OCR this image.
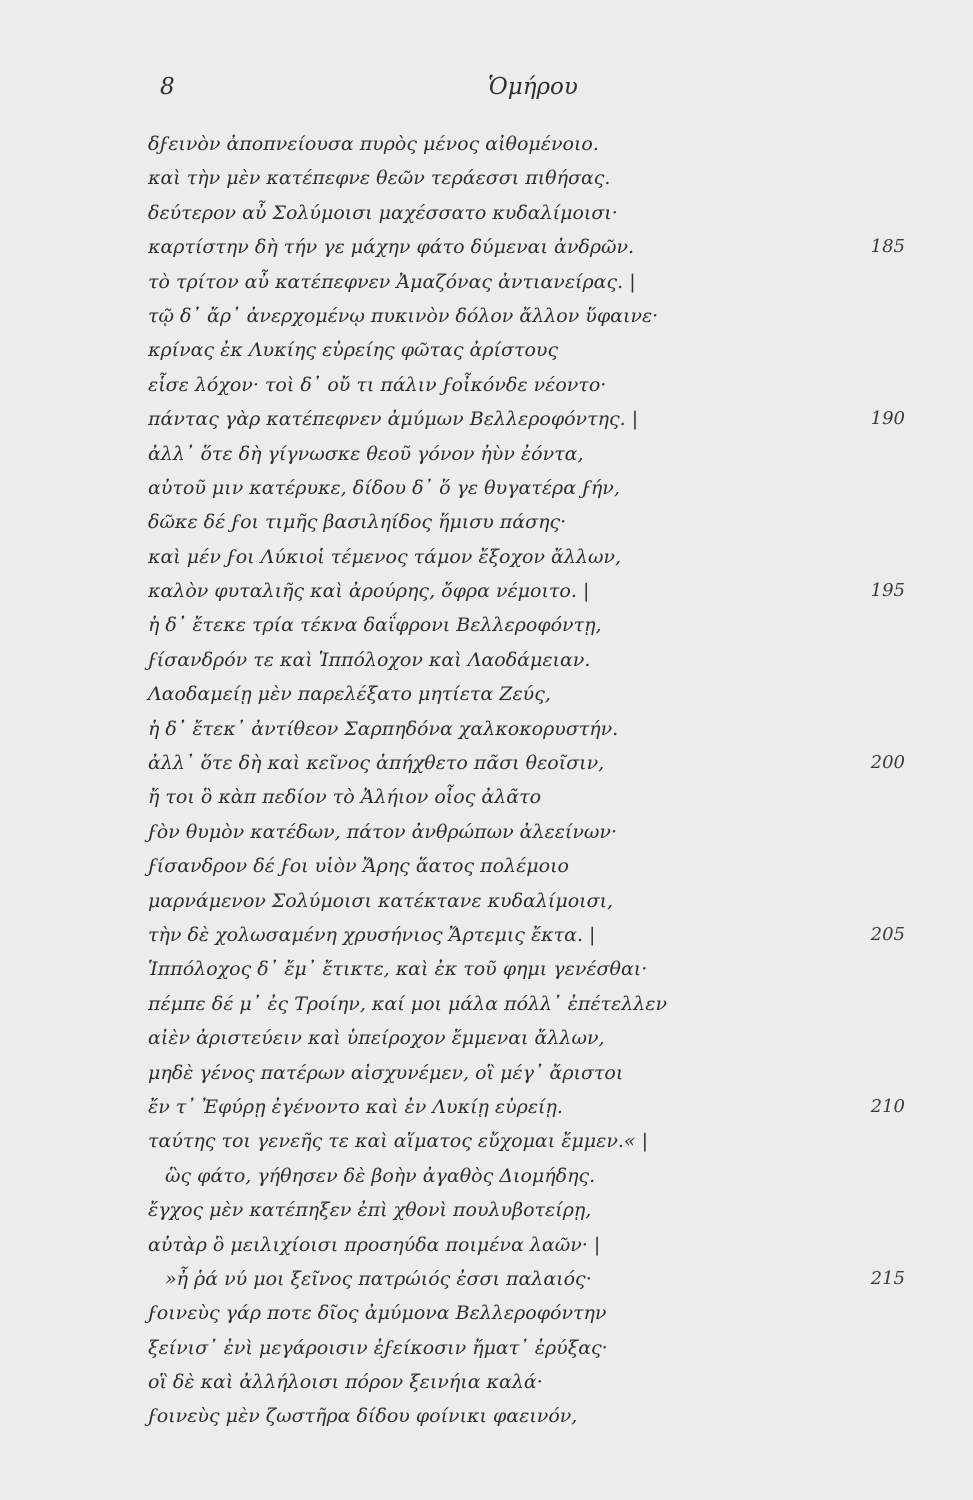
8	Ὁμήρου
δϝεινὸν ἀποπνείουσα πυρὸς μένος αἰθομένοιο.
καὶ τὴν μὲν κατέπεφνε θεῶν τεράεσσι πιθήσας.
δεύτερον αὖ Σολύμοισι μαχέσσατο κυδαλίμοισι·
καρτίστην δὴ τήν γε μάχην φάτο δύμεναι ἀνδρῶν.	185
τὸ τρίτον αὖ κατέπεφνεν Ἀμαζόνας ἀντιανείρας. |
τῷ δ᾿ ἄρ᾿ ἀνερχομένῳ πυκινὸν δόλον ἄλλον ὕφαινε·
κρίνας ἐκ Λυκίης εὐρείης φῶτας ἀρίστους
εἷσε λόχον· τοὶ δ᾿ οὔ τι πάλιν ϝοἶκόνδε νέοντο·
πάντας γὰρ κατέπεφνεν ἀμύμων Βελλεροφόντης. |	190
ἀλλ᾿ ὅτε δὴ γίγνωσκε θεοῦ γόνον ἠὺν ἐόντα,
αὐτοῦ μιν κατέρυκε, δίδου δ᾿ ὅ γε θυγατέρα ϝήν,
δῶκε δέ ϝοι τιμῆς βασιληίδος ἥμισυ πάσης·
καὶ μέν ϝοι Λύκιοἱ τέμενος τάμον ἔξοχον ἄλλων,
καλὸν φυταλιῆς καὶ ἀρούρης, ὄφρα νέμοιτο. |	195
ἡ δ᾿ ἔτεκε τρία τέκνα δαΐφρονι Βελλεροφόντῃ,
ϝίσανδρόν τε καὶ Ἱππόλοχον καὶ Λαοδάμειαν.
Λαοδαμείῃ μὲν παρελέξατο μητίετα Ζεύς,
ἡ δ᾿ ἔτεκ᾿ ἀντίθεον Σαρπηδόνα χαλκοκορυστήν.
ἀλλ᾿ ὅτε δὴ καὶ κεῖνος ἀπήχθετο πᾶσι θεοῖσιν,	200
ἤ τοι ὃ κὰπ πεδίον τὸ Ἀλήιον οἶος ἀλᾶτο
ϝὸν θυμὸν κατέδων, πάτον ἀνθρώπων ἀλεείνων·
ϝίσανδρον δέ ϝοι υἱὸν Ἄρης ἅατος πολέμοιο
μαρνάμενον Σολύμοισι κατέκτανε κυδαλίμοισι,
τὴν δὲ χολωσαμένη χρυσήνιος Ἄρτεμις ἔκτα. |	205
Ἱππόλοχος δ᾿ ἔμ᾿ ἔτικτε, καὶ ἐκ τοῦ φημι γενέσθαι·
πέμπε δέ μ᾿ ἐς Τροίην, καί μοι μάλα πόλλ᾿ ἐπέτελλεν
αἰὲν ἀριστεύειν καὶ ὑπείροχον ἔμμεναι ἄλλων,
μηδὲ γένος πατέρων αἰσχυνέμεν, οἳ μέγ᾿ ἄριστοι
ἔν τ᾿ Ἐφύρῃ ἐγένοντο καὶ ἐν Λυκίῃ εὐρείῃ.	210
ταύτης τοι γενεῆς τε καὶ αἵματος εὔχομαι ἔμμεν.« |
ὣς φάτο, γήθησεν δὲ βοὴν ἀγαθὸς Διομήδης.
ἔγχος μὲν κατέπηξεν ἐπὶ χθονὶ πουλυβοτείρῃ,
αὐτὰρ ὃ μειλιχίοισι προσηύδα ποιμένα λαῶν· |
»ἦ ῥά νύ μοι ξεῖνος πατρώιός ἐσσι παλαιός·	215
ϝοινεὺς γάρ ποτε δῖος ἀμύμονα Βελλεροφόντην
ξείνισ᾿ ἐνὶ μεγάροισιν ἐϝείκοσιν ἤματ᾿ ἐρύξας·
οἳ δὲ καὶ ἀλλήλοισι πόρον ξεινήια καλά·
ϝοινεὺς μὲν ζωστῆρα δίδου φοίνικι φαεινόν,
